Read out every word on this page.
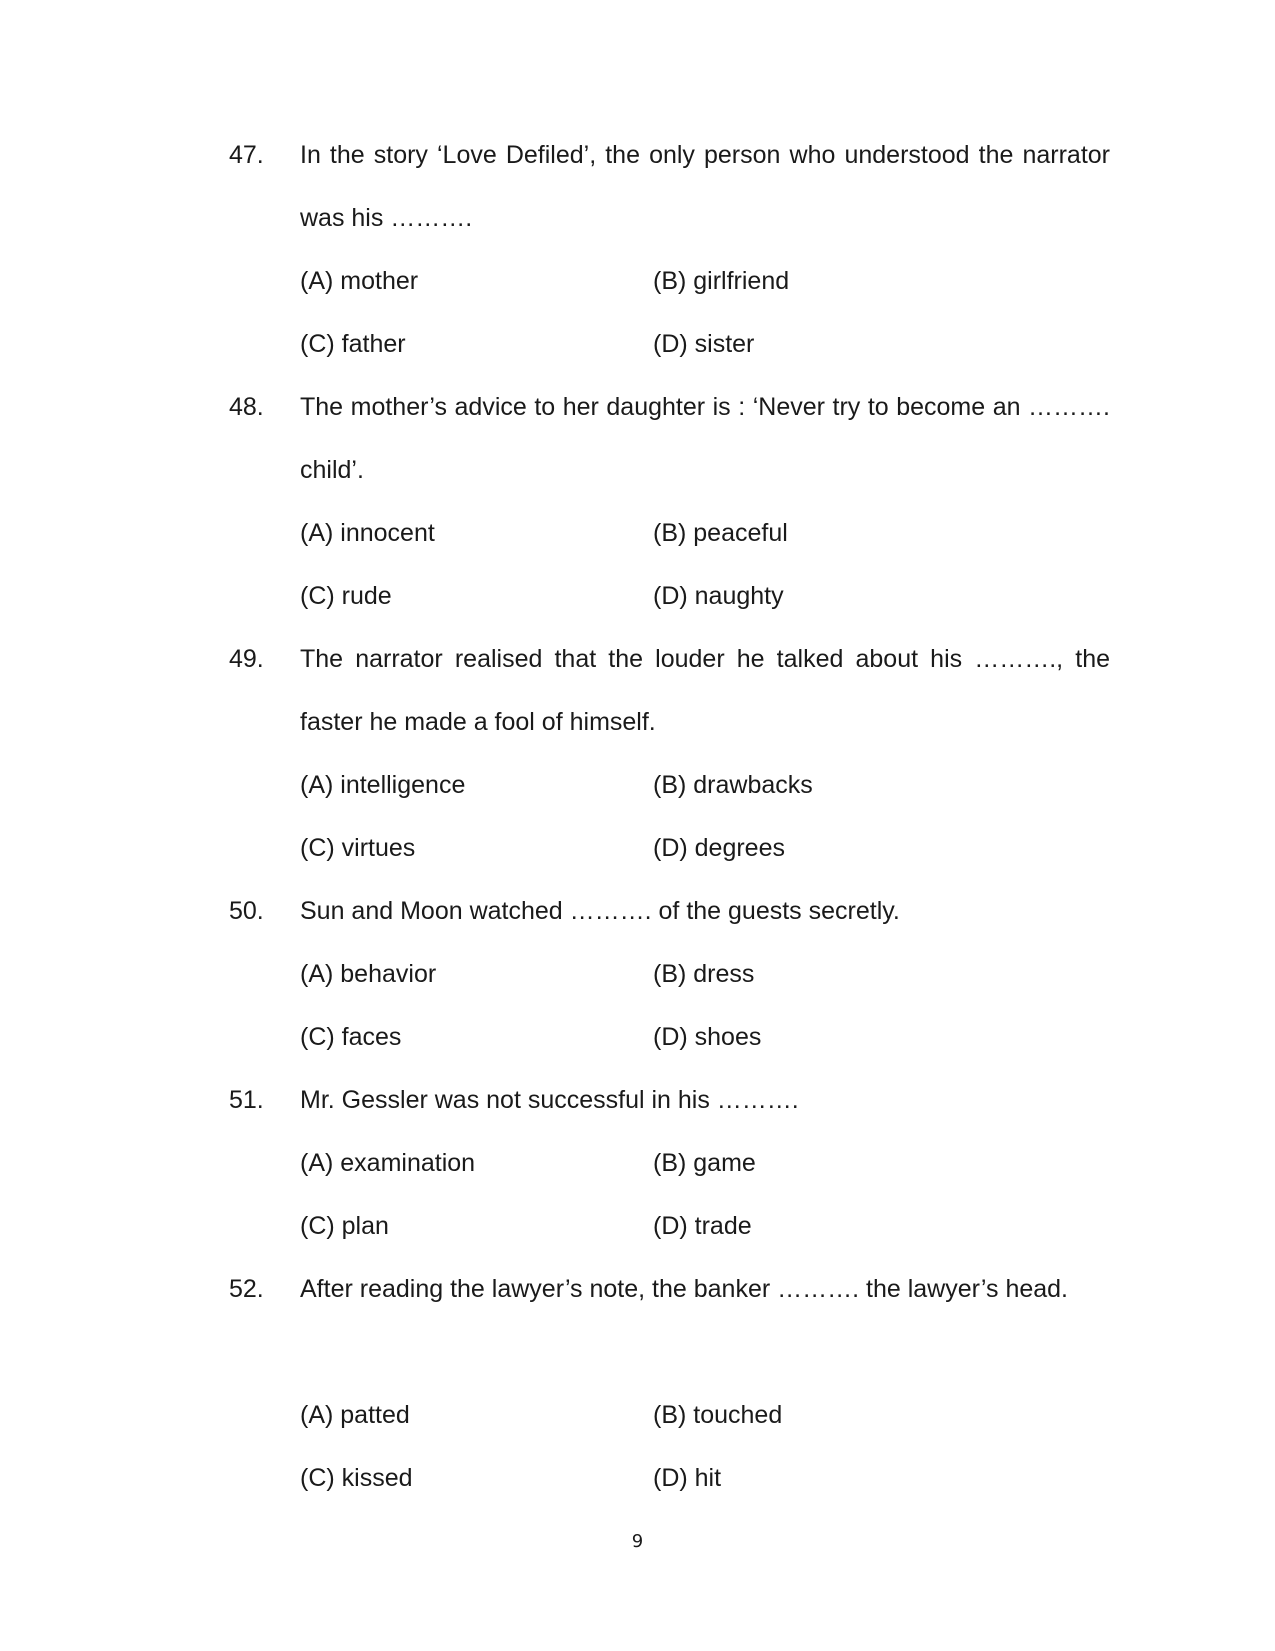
47. In the story ‘Love Defiled’, the only person who understood the narrator was his ……….
(A) mother	(B) girlfriend
(C) father	(D) sister
48. The mother’s advice to her daughter is : ‘Never try to become an ………. child’.
(A) innocent	(B) peaceful
(C) rude	(D) naughty
49. The narrator realised that the louder he talked about his ………., the faster he made a fool of himself.
(A) intelligence	(B) drawbacks
(C) virtues	(D) degrees
50. Sun and Moon watched ………. of the guests secretly.
(A) behavior	(B) dress
(C) faces	(D) shoes
51. Mr. Gessler was not successful in his ……….
(A) examination	(B) game
(C) plan	(D) trade
52. After reading the lawyer’s note, the banker ………. the lawyer’s head.
(A) patted	(B) touched
(C) kissed	(D) hit
9
